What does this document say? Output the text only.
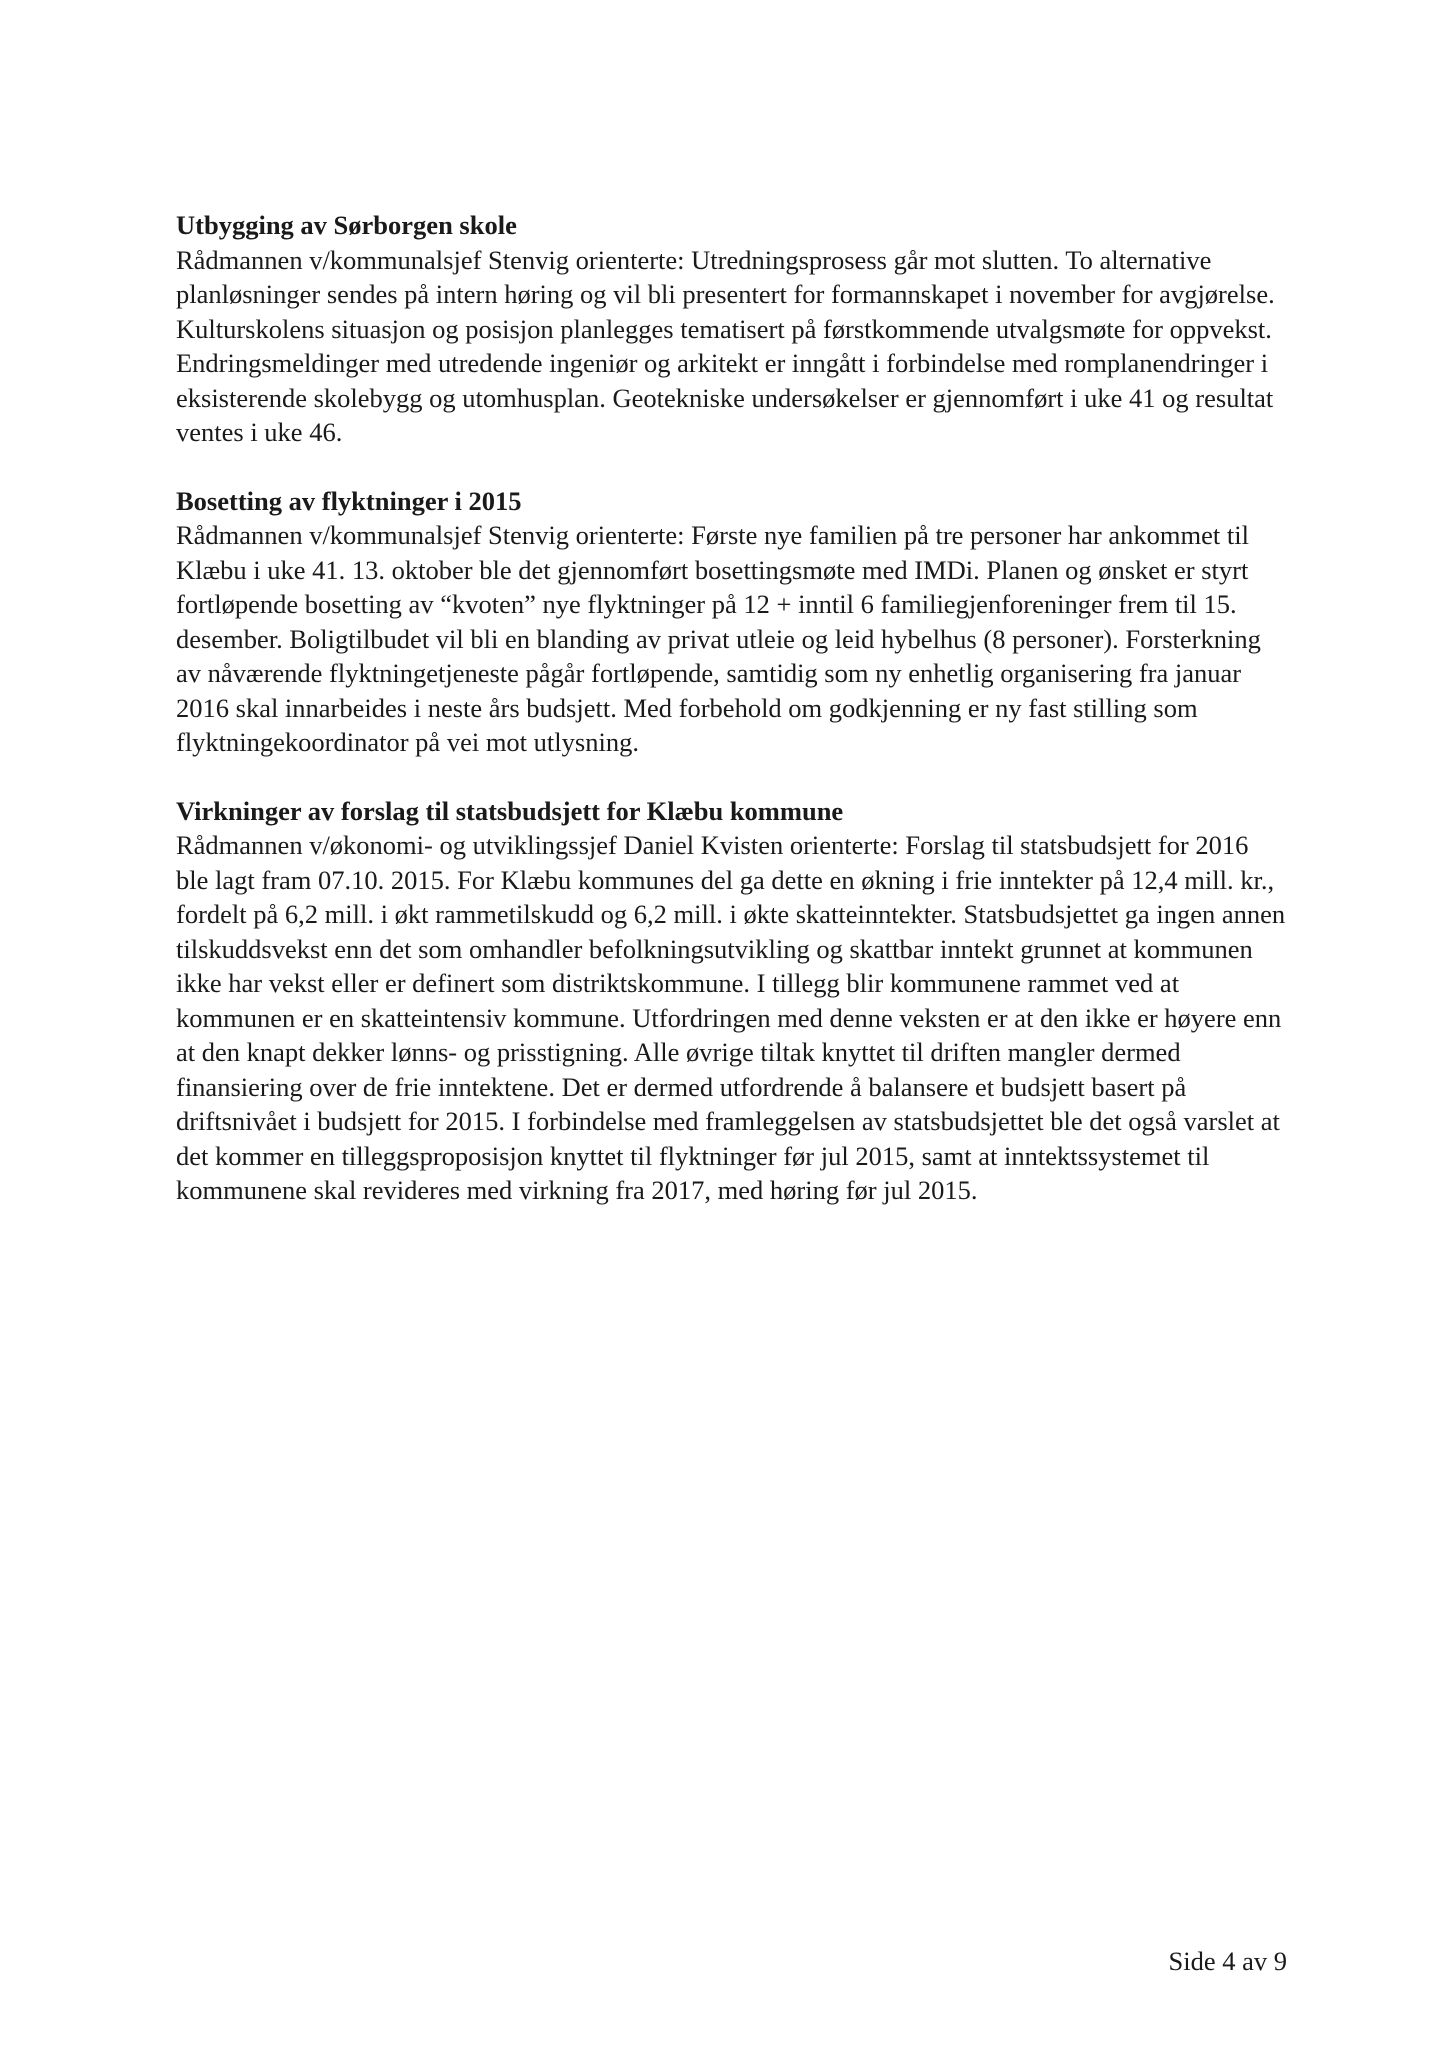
Utbygging av Sørborgen skole

Rådmannen v/kommunalsjef Stenvig orienterte: Utredningsprosess går mot slutten. To alternative planløsninger sendes på intern høring og vil bli presentert for formannskapet i november for avgjørelse. Kulturskolens situasjon og posisjon planlegges tematisert på førstkommende utvalgsmøte for oppvekst. Endringsmeldinger med utredende ingeniør og arkitekt er inngått i forbindelse med romplanendringer i eksisterende skolebygg og utomhusplan. Geotekniske undersøkelser er gjennomført i uke 41 og resultat ventes i uke 46.

Bosetting av flyktninger i 2015

Rådmannen v/kommunalsjef Stenvig orienterte: Første nye familien på tre personer har ankommet til Klæbu i uke 41. 13. oktober ble det gjennomført bosettingsmøte med IMDi. Planen og ønsket er styrt fortløpende bosetting av “kvoten” nye flyktninger på 12 + inntil 6 familiegjenforeninger frem til 15. desember. Boligtilbudet vil bli en blanding av privat utleie og leid hybelhus (8 personer). Forsterkning av nåværende flyktningetjeneste pågår fortløpende, samtidig som ny enhetlig organisering fra januar 2016 skal innarbeides i neste års budsjett. Med forbehold om godkjenning er ny fast stilling som flyktningekoordinator på vei mot utlysning.

Virkninger av forslag til statsbudsjett for Klæbu kommune

Rådmannen v/økonomi- og utviklingssjef Daniel Kvisten orienterte: Forslag til statsbudsjett for 2016 ble lagt fram 07.10. 2015. For Klæbu kommunes del ga dette en økning i frie inntekter på 12,4 mill. kr., fordelt på 6,2 mill. i økt rammetilskudd og 6,2 mill. i økte skatteinntekter. Statsbudsjettet ga ingen annen tilskuddsvekst enn det som omhandler befolkningsutvikling og skattbar inntekt grunnet at kommunen ikke har vekst eller er definert som distriktskommune. I tillegg blir kommunene rammet ved at kommunen er en skatteintensiv kommune. Utfordringen med denne veksten er at den ikke er høyere enn at den knapt dekker lønns- og prisstigning. Alle øvrige tiltak knyttet til driften mangler dermed finansiering over de frie inntektene. Det er dermed utfordrende å balansere et budsjett basert på driftsnivået i budsjett for 2015. I forbindelse med framleggelsen av statsbudsjettet ble det også varslet at det kommer en tilleggsproposisjon knyttet til flyktninger før jul 2015, samt at inntektssystemet til kommunene skal revideres med virkning fra 2017, med høring før jul 2015.

Side 4 av 9
